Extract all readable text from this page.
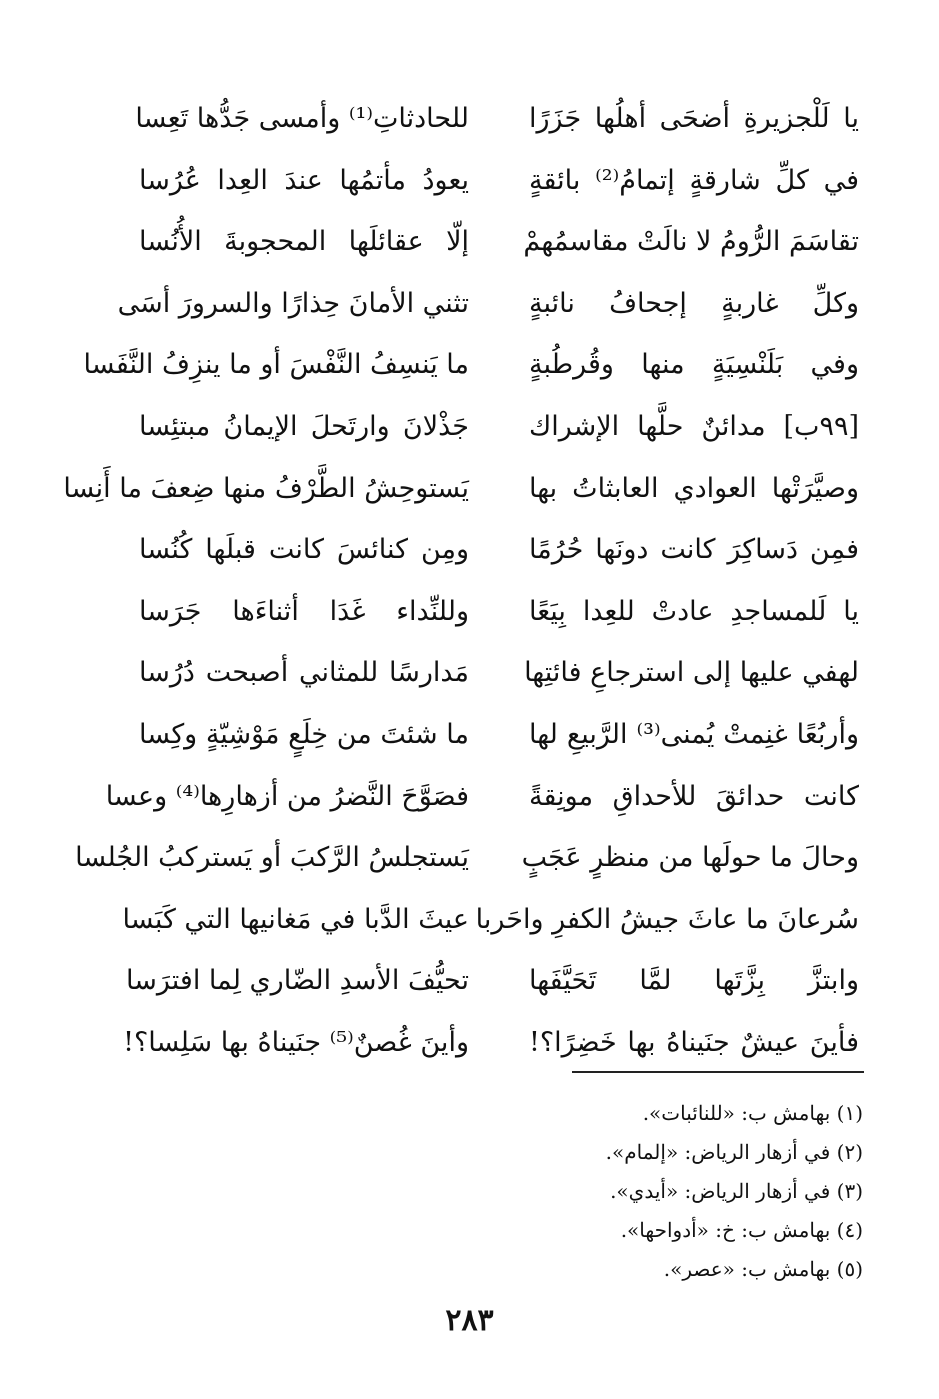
يا لَلْجزيرةِ أضحَى أهلُها جَزَرًا
للحادثاتِ⁽¹⁾ وأمسى جَدُّها تَعِسا
في كلِّ شارقةٍ إتمامُ⁽²⁾ بائقةٍ
يعودُ مأتمُها عندَ العِدا عُرُسا
تقاسَمَ الرُّومُ لا نالَتْ مقاسمُهمْ
إلّا عقائلَها المحجوبةَ الأُنُسا
وكلِّ غاربةٍ إجحافُ نائبةٍ
تثني الأمانَ حِذارًا والسرورَ أسَى
وفي بَلَنْسِيَةٍ منها وقُرطُبةٍ
ما يَنسِفُ النَّفْسَ أو ما ينزِفُ النَّفَسا
[٩٩ب] مدائنٌ حلَّها الإشراك
جَذْلانَ وارتَحلَ الإيمانُ مبتئِسا
وصيَّرَتْها العوادي العابثاتُ بها
يَستوحِشُ الطَّرْفُ منها ضِعفَ ما أَنِسا
فمِن دَساكِرَ كانت دونَها حُرُمًا
ومِن كنائسَ كانت قبلَها كُنُسا
يا لَلمساجدِ عادتْ للعِدا بِيَعًا
وللنِّداء غَدَا أثناءَها جَرَسا
لهفي عليها إلى استرجاعِ فائتِها
مَدارسًا للمثاني أصبحت دُرُسا
وأربُعًا غنِمتْ يُمنى⁽³⁾ الرَّبيعِ لها
ما شئتَ من خِلَعٍ مَوْشِيّةٍ وكِسا
كانت حدائقَ للأحداقِ مونِقةً
فصَوَّحَ النَّضرُ من أزهارِها⁽⁴⁾ وعسا
وحالَ ما حولَها من منظرٍ عَجَبٍ
يَستجلسُ الرَّكبَ أو يَستركبُ الجُلسا
سُرعانَ ما عاثَ جيشُ الكفرِ واحَربا
عيثَ الدَّبا في مَغانيها التي كَبَسا
وابتزَّ بِزَّتَها لمَّا تَحَيَّفَها
تحيُّفَ الأسدِ الضّاري لِما افترَسا
فأينَ عيشٌ جنَيناهُ بها خَضِرًا؟!
وأينَ غُصنٌ⁽⁵⁾ جنَيناهُ بها سَلِسا؟!
(١) بهامش ب: «للنائبات».
(٢) في أزهار الرياض: «إلمام».
(٣) في أزهار الرياض: «أيدي».
(٤) بهامش ب: خ: «أدواحها».
(٥) بهامش ب: «عصر».
٢٨٣
